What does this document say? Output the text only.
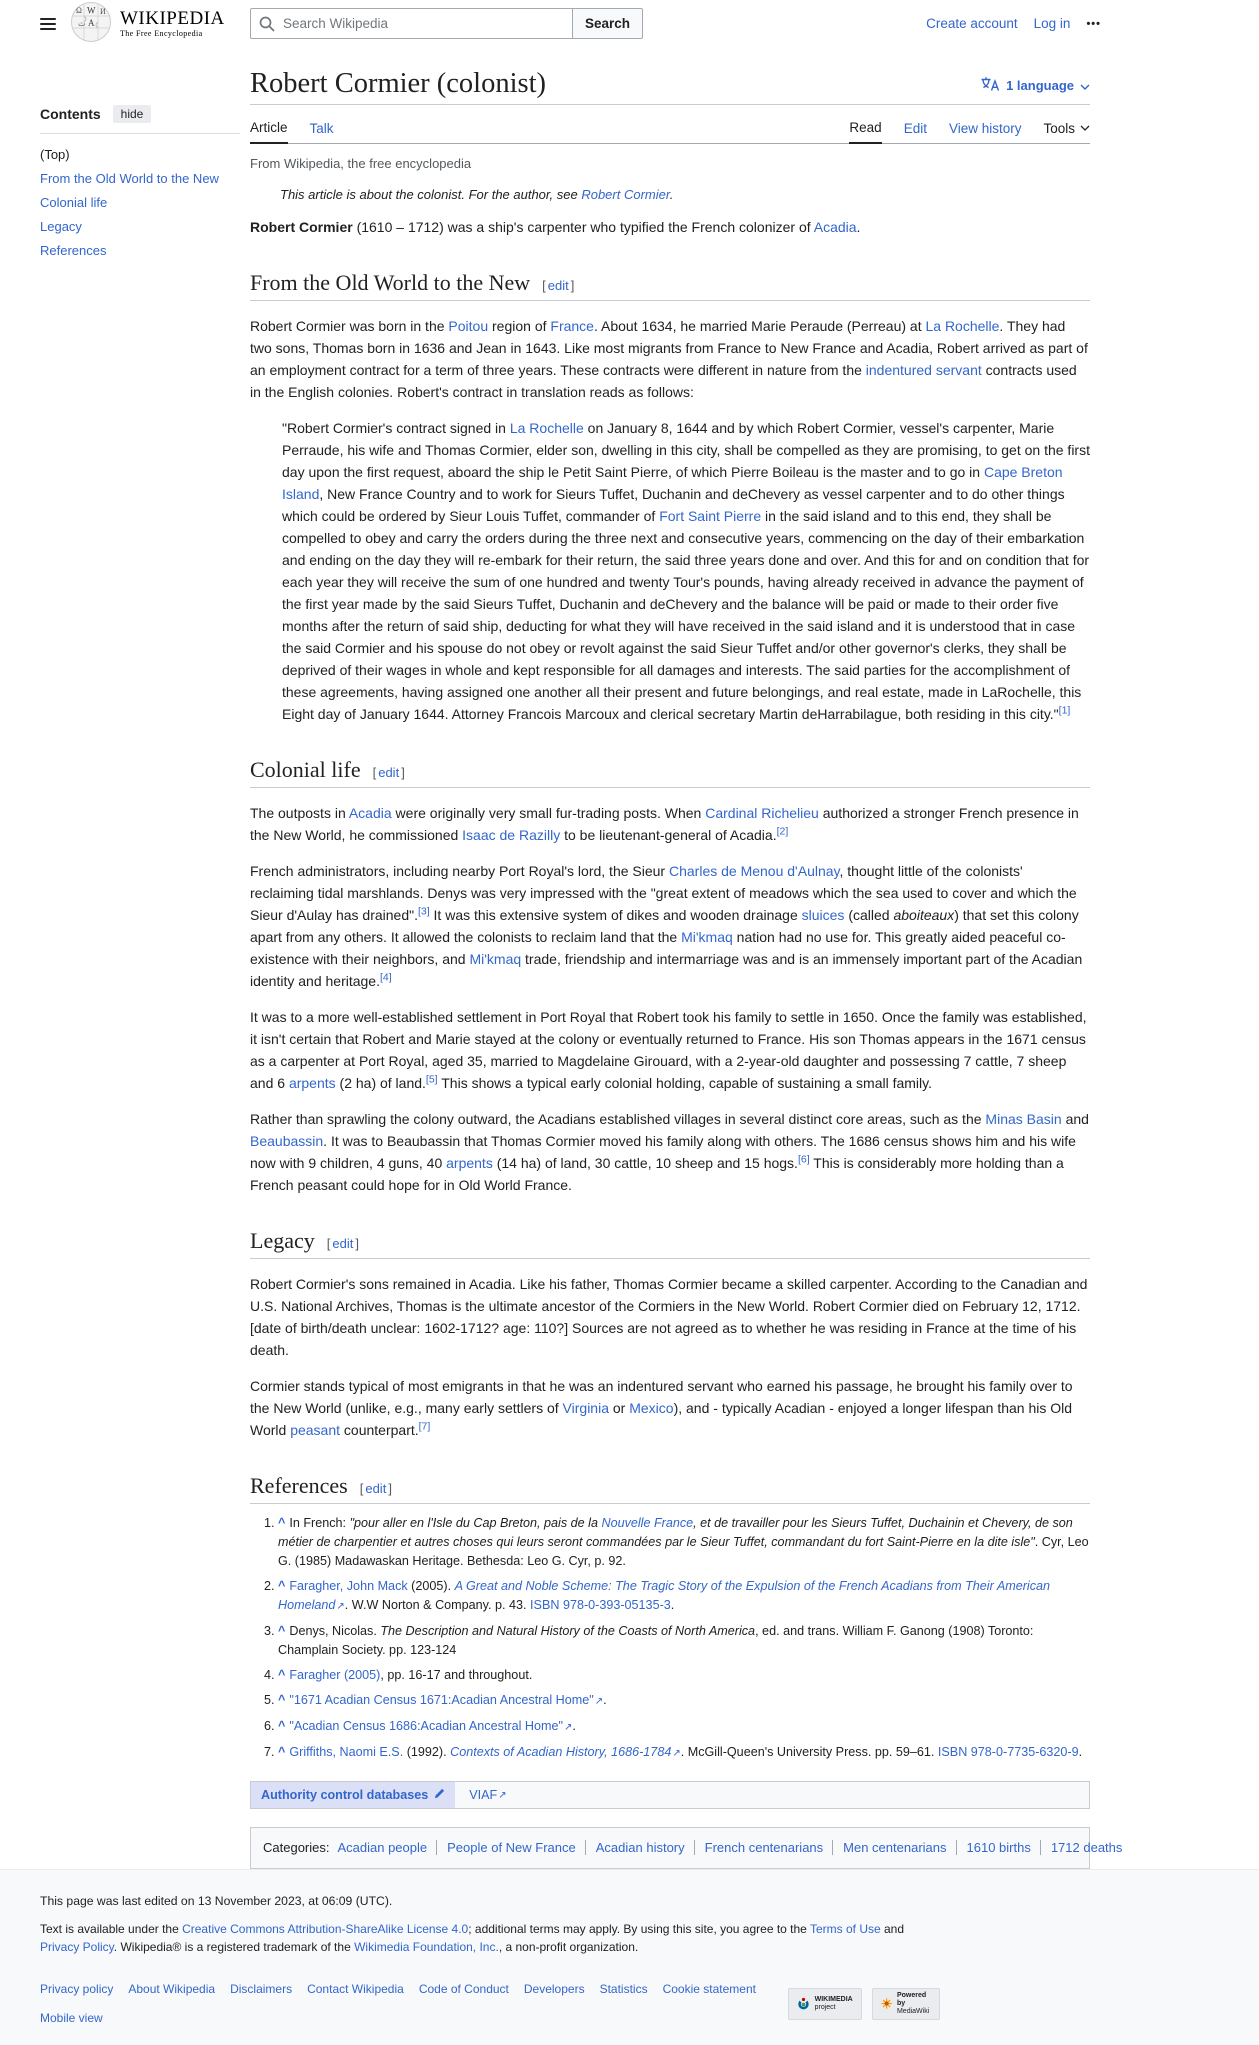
Ω W И
A
ث WIKIPEDIA
The Free Encyclopedia
Search Wikipedia
Search	Create account Log in •••
Contents	hide
(Top)
From the Old World to the New
Colonial life
Legacy
References
Robert Cormier (colonist)	1 language
Article Talk	Read Edit View history Tools
From Wikipedia, the free encyclopedia
This article is about the colonist. For the author, see Robert Cormier.

Robert Cormier (1610 – 1712) was a ship's carpenter who typified the French colonizer of Acadia.

From the Old World to the New [ edit ]

Robert Cormier was born in the Poitou region of France. About 1634, he married Marie Peraude (Perreau) at La Rochelle. They had two sons, Thomas born in 1636 and Jean in 1643. Like most migrants from France to New France and Acadia, Robert arrived as part of an employment contract for a term of three years. These contracts were different in nature from the indentured servant contracts used in the English colonies. Robert's contract in translation reads as follows:

"Robert Cormier's contract signed in La Rochelle on January 8, 1644 and by which Robert Cormier, vessel's carpenter, Marie Perraude, his wife and Thomas Cormier, elder son, dwelling in this city, shall be compelled as they are promising, to get on the first day upon the first request, aboard the ship le Petit Saint Pierre, of which Pierre Boileau is the master and to go in Cape Breton Island, New France Country and to work for Sieurs Tuffet, Duchanin and deChevery as vessel carpenter and to do other things which could be ordered by Sieur Louis Tuffet, commander of Fort Saint Pierre in the said island and to this end, they shall be compelled to obey and carry the orders during the three next and consecutive years, commencing on the day of their embarkation and ending on the day they will re-embark for their return, the said three years done and over. And this for and on condition that for each year they will receive the sum of one hundred and twenty Tour's pounds, having already received in advance the payment of the first year made by the said Sieurs Tuffet, Duchanin and deChevery and the balance will be paid or made to their order five months after the return of said ship, deducting for what they will have received in the said island and it is understood that in case the said Cormier and his spouse do not obey or revolt against the said Sieur Tuffet and/or other governor's clerks, they shall be deprived of their wages in whole and kept responsible for all damages and interests. The said parties for the accomplishment of these agreements, having assigned one another all their present and future belongings, and real estate, made in LaRochelle, this Eight day of January 1644. Attorney Francois Marcoux and clerical secretary Martin deHarrabilague, both residing in this city."[1]
Colonial life [ edit ]

The outposts in Acadia were originally very small fur-trading posts. When Cardinal Richelieu authorized a stronger French presence in the New World, he commissioned Isaac de Razilly to be lieutenant-general of Acadia.[2]

French administrators, including nearby Port Royal's lord, the Sieur Charles de Menou d'Aulnay, thought little of the colonists' reclaiming tidal marshlands. Denys was very impressed with the "great extent of meadows which the sea used to cover and which the Sieur d'Aulay has drained".[3] It was this extensive system of dikes and wooden drainage sluices (called aboiteaux) that set this colony apart from any others. It allowed the colonists to reclaim land that the Mi'kmaq nation had no use for. This greatly aided peaceful co-existence with their neighbors, and Mi'kmaq trade, friendship and intermarriage was and is an immensely important part of the Acadian identity and heritage.[4]

It was to a more well-established settlement in Port Royal that Robert took his family to settle in 1650. Once the family was established, it isn't certain that Robert and Marie stayed at the colony or eventually returned to France. His son Thomas appears in the 1671 census as a carpenter at Port Royal, aged 35, married to Magdelaine Girouard, with a 2-year-old daughter and possessing 7 cattle, 7 sheep and 6 arpents (2 ha) of land.[5] This shows a typical early colonial holding, capable of sustaining a small family.

Rather than sprawling the colony outward, the Acadians established villages in several distinct core areas, such as the Minas Basin and Beaubassin. It was to Beaubassin that Thomas Cormier moved his family along with others. The 1686 census shows him and his wife now with 9 children, 4 guns, 40 arpents (14 ha) of land, 30 cattle, 10 sheep and 15 hogs.[6] This is considerably more holding than a French peasant could hope for in Old World France.

Legacy [ edit ]

Robert Cormier's sons remained in Acadia. Like his father, Thomas Cormier became a skilled carpenter. According to the Canadian and U.S. National Archives, Thomas is the ultimate ancestor of the Cormiers in the New World. Robert Cormier died on February 12, 1712. [date of birth/death unclear: 1602-1712? age: 110?] Sources are not agreed as to whether he was residing in France at the time of his death.

Cormier stands typical of most emigrants in that he was an indentured servant who earned his passage, he brought his family over to the New World (unlike, e.g., many early settlers of Virginia or Mexico), and - typically Acadian - enjoyed a longer lifespan than his Old World peasant counterpart.[7]

References [ edit ]
1. ^ In French: "pour aller en l'Isle du Cap Breton, pais de la Nouvelle France, et de travailler pour les Sieurs Tuffet, Duchainin et Chevery, de son métier de charpentier et autres choses qui leurs seront commandées par le Sieur Tuffet, commandant du fort Saint-Pierre en la dite isle". Cyr, Leo G. (1985) Madawaskan Heritage. Bethesda: Leo G. Cyr, p. 92.
2. ^ Faragher, John Mack (2005). A Great and Noble Scheme: The Tragic Story of the Expulsion of the French Acadians from Their American Homeland↗. W.W Norton & Company. p. 43. ISBN 978-0-393-05135-3.
3. ^ Denys, Nicolas. The Description and Natural History of the Coasts of North America, ed. and trans. William F. Ganong (1908) Toronto: Champlain Society. pp. 123-124
4. ^ Faragher (2005), pp. 16-17 and throughout.
5. ^ "1671 Acadian Census 1671:Acadian Ancestral Home"↗.
6. ^ "Acadian Census 1686:Acadian Ancestral Home"↗.
7. ^ Griffiths, Naomi E.S. (1992). Contexts of Acadian History, 1686-1784↗. McGill-Queen's University Press. pp. 59–61. ISBN 978-0-7735-6320-9.
Authority control databases	VIAF ↗
Categories: Acadian people People of New France Acadian history French centenarians Men centenarians 1610 births 1712 deaths

This page was last edited on 13 November 2023, at 06:09 (UTC).

Text is available under the Creative Commons Attribution-ShareAlike License 4.0; additional terms may apply. By using this site, you agree to the Terms of Use and Privacy Policy. Wikipedia® is a registered trademark of the Wikimedia Foundation, Inc., a non-profit organization.

Privacy policy About Wikipedia Disclaimers Contact Wikipedia Code of Conduct Developers Statistics Cookie statement
Mobile view
WIKIMEDIA
project
Powered by
MediaWiki
